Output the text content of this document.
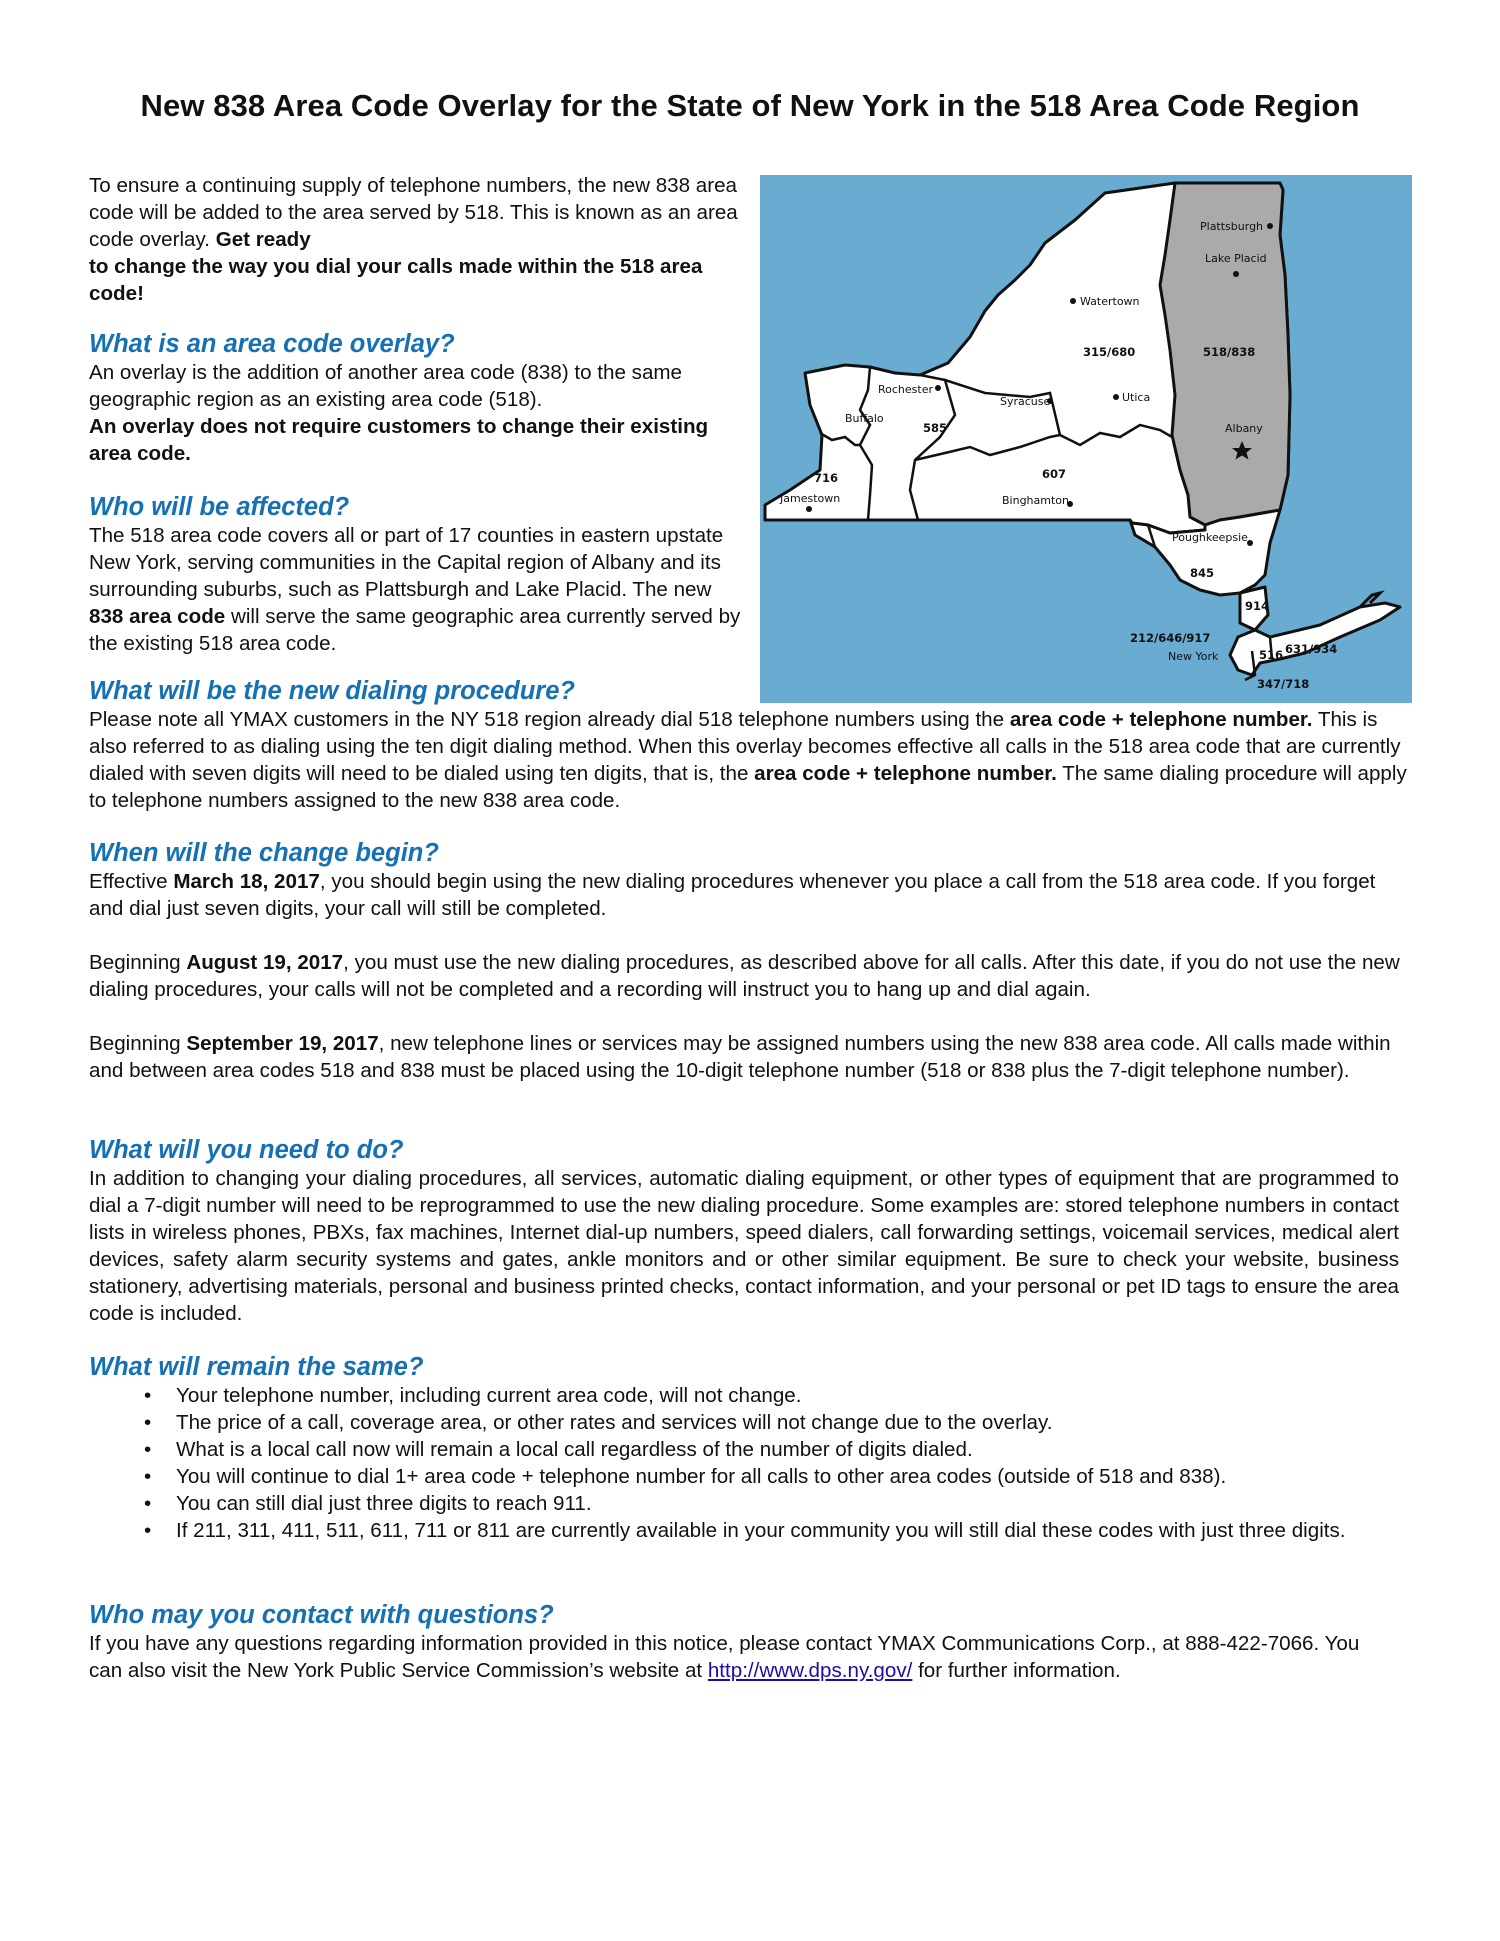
New 838 Area Code Overlay for the State of New York in the 518 Area Code Region
To ensure a continuing supply of telephone numbers, the new 838 area code will be added to the area served by 518. This is known as an area code overlay. Get ready
to change the way you dial your calls made within the 518 area code!
What is an area code overlay?

An overlay is the addition of another area code (838) to the same geographic region as an existing area code (518).

An overlay does not require customers to change their existing area code.

Who will be affected?

The 518 area code covers all or part of 17 counties in eastern upstate New York, serving communities in the Capital region of Albany and its surrounding suburbs, such as Plattsburgh and Lake Placid. The new 838 area code will serve the same geographic area currently served by the existing 518 area code.

Plattsburgh
Lake Placid
Watertown
Utica
Syracuse
Rochester
Buffalo
Jamestown	Binghamton
Albany
Poughkeepsie
New York
518/838
315/680
585
716	607
845
914
212/646/917
516 631/934
347/718
What will be the new dialing procedure?

Please note all YMAX customers in the NY 518 region already dial 518 telephone numbers using the area code + telephone number. This is also referred to as dialing using the ten digit dialing method. When this overlay becomes effective all calls in the 518 area code that are currently dialed with seven digits will need to be dialed using ten digits, that is, the area code + telephone number. The same dialing procedure will apply to telephone numbers assigned to the new 838 area code.

When will the change begin?

Effective March 18, 2017, you should begin using the new dialing procedures whenever you place a call from the 518 area code. If you forget and dial just seven digits, your call will still be completed.

Beginning August 19, 2017, you must use the new dialing procedures, as described above for all calls. After this date, if you do not use the new dialing procedures, your calls will not be completed and a recording will instruct you to hang up and dial again.

Beginning September 19, 2017, new telephone lines or services may be assigned numbers using the new 838 area code. All calls made within and between area codes 518 and 838 must be placed using the 10-digit telephone number (518 or 838 plus the 7-digit telephone number).

What will you need to do?

In addition to changing your dialing procedures, all services, automatic dialing equipment, or other types of equipment that are programmed to dial a 7-digit number will need to be reprogrammed to use the new dialing procedure. Some examples are: stored telephone numbers in contact lists in wireless phones, PBXs, fax machines, Internet dial-up numbers, speed dialers, call forwarding settings, voicemail services, medical alert devices, safety alarm security systems and gates, ankle monitors and or other similar equipment. Be sure to check your website, business stationery, advertising materials, personal and business printed checks, contact information, and your personal or pet ID tags to ensure the area code is included.

What will remain the same?
• Your telephone number, including current area code, will not change.
• The price of a call, coverage area, or other rates and services will not change due to the overlay.
• What is a local call now will remain a local call regardless of the number of digits dialed.
• You will continue to dial 1+ area code + telephone number for all calls to other area codes (outside of 518 and 838).
• You can still dial just three digits to reach 911.
• If 211, 311, 411, 511, 611, 711 or 811 are currently available in your community you will still dial these codes with just three digits.
Who may you contact with questions?

If you have any questions regarding information provided in this notice, please contact YMAX Communications Corp., at 888-422-7066. You can also visit the New York Public Service Commission’s website at http://www.dps.ny.gov/ for further information.
